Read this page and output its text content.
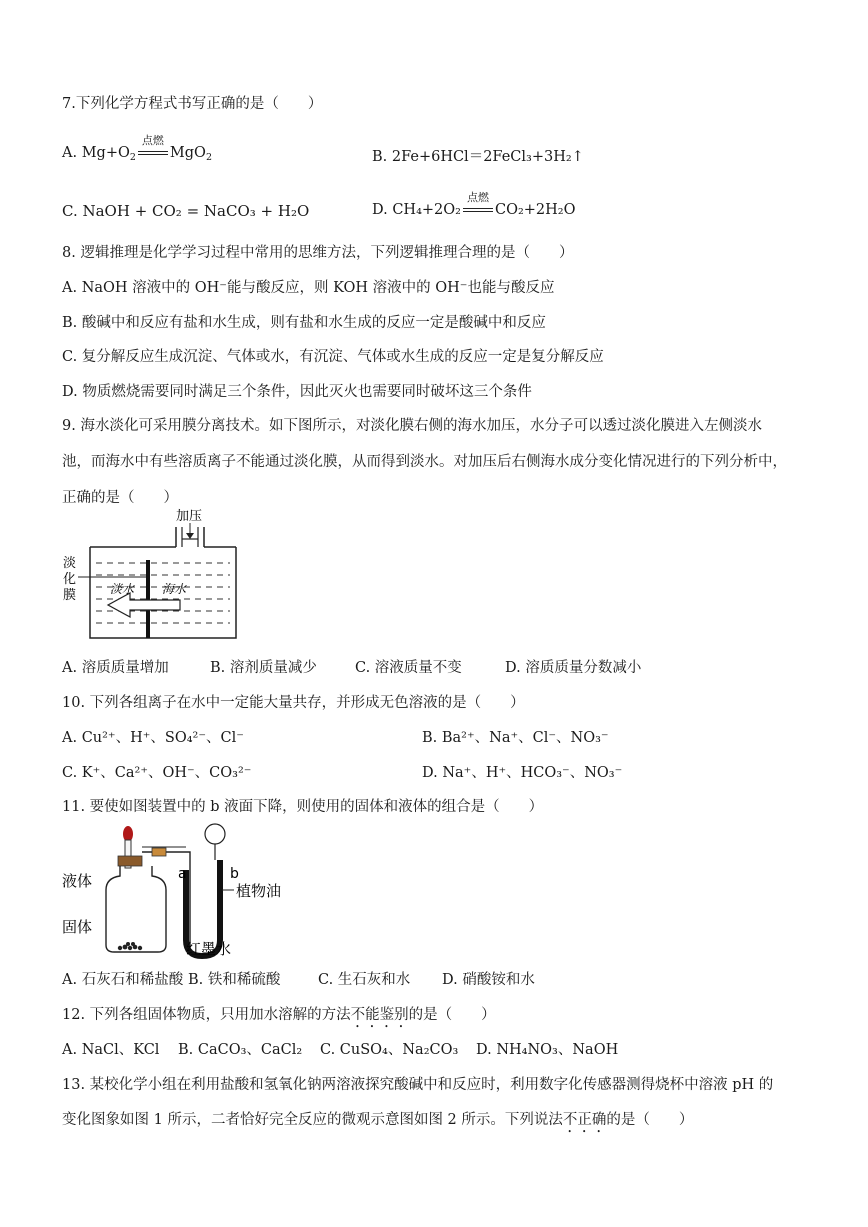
7.下列化学方程式书写正确的是（　　）
A. $Mg+O_2$
点燃
MgO$_2$	B. 2Fe+6HCl＝2FeCl₃+3H₂↑
C. NaOH + CO₂ = NaCO₃ + H₂O	D. CH₄+2O₂
点燃
CO₂+2H₂O
8. 逻辑推理是化学学习过程中常用的思维方法，下列逻辑推理合理的是（　　）
A. NaOH 溶液中的 OH⁻能与酸反应，则 KOH 溶液中的 OH⁻也能与酸反应
B. 酸碱中和反应有盐和水生成，则有盐和水生成的反应一定是酸碱中和反应
C. 复分解反应生成沉淀、气体或水，有沉淀、气体或水生成的反应一定是复分解反应
D. 物质燃烧需要同时满足三个条件，因此灭火也需要同时破坏这三个条件
9. 海水淡化可采用膜分离技术。如下图所示，对淡化膜右侧的海水加压，水分子可以透过淡化膜进入左侧淡水
池，而海水中有些溶质离子不能通过淡化膜，从而得到淡水。对加压后右侧海水成分变化情况进行的下列分析中，
正确的是（　　）
淡化膜
加压
淡水 海水
A. 溶质质量增加	B. 溶剂质量减少	C. 溶液质量不变	D. 溶质质量分数减小
10. 下列各组离子在水中一定能大量共存，并形成无色溶液的是（　　）
A. Cu²⁺、H⁺、SO₄²⁻、Cl⁻	B. Ba²⁺、Na⁺、Cl⁻、NO₃⁻
C. K⁺、Ca²⁺、OH⁻、CO₃²⁻	D. Na⁺、H⁺、HCO₃⁻、NO₃⁻
11. 要使如图装置中的 b 液面下降，则使用的固体和液体的组合是（　　）
液体
固体
a	b
植物油
红墨水
A. 石灰石和稀盐酸 B. 铁和稀硫酸	C. 生石灰和水 D. 硝酸铵和水
12. 下列各组固体物质，只用加水溶解的方法不能鉴别的是（　　）
A. NaCl、KCl B. CaCO₃、CaCl₂ C. CuSO₄、Na₂CO₃ D. NH₄NO₃、NaOH
13. 某校化学小组在利用盐酸和氢氧化钠两溶液探究酸碱中和反应时，利用数字化传感器测得烧杯中溶液 pH 的
变化图象如图 1 所示，二者恰好完全反应的微观示意图如图 2 所示。下列说法不正确的是（　　）
